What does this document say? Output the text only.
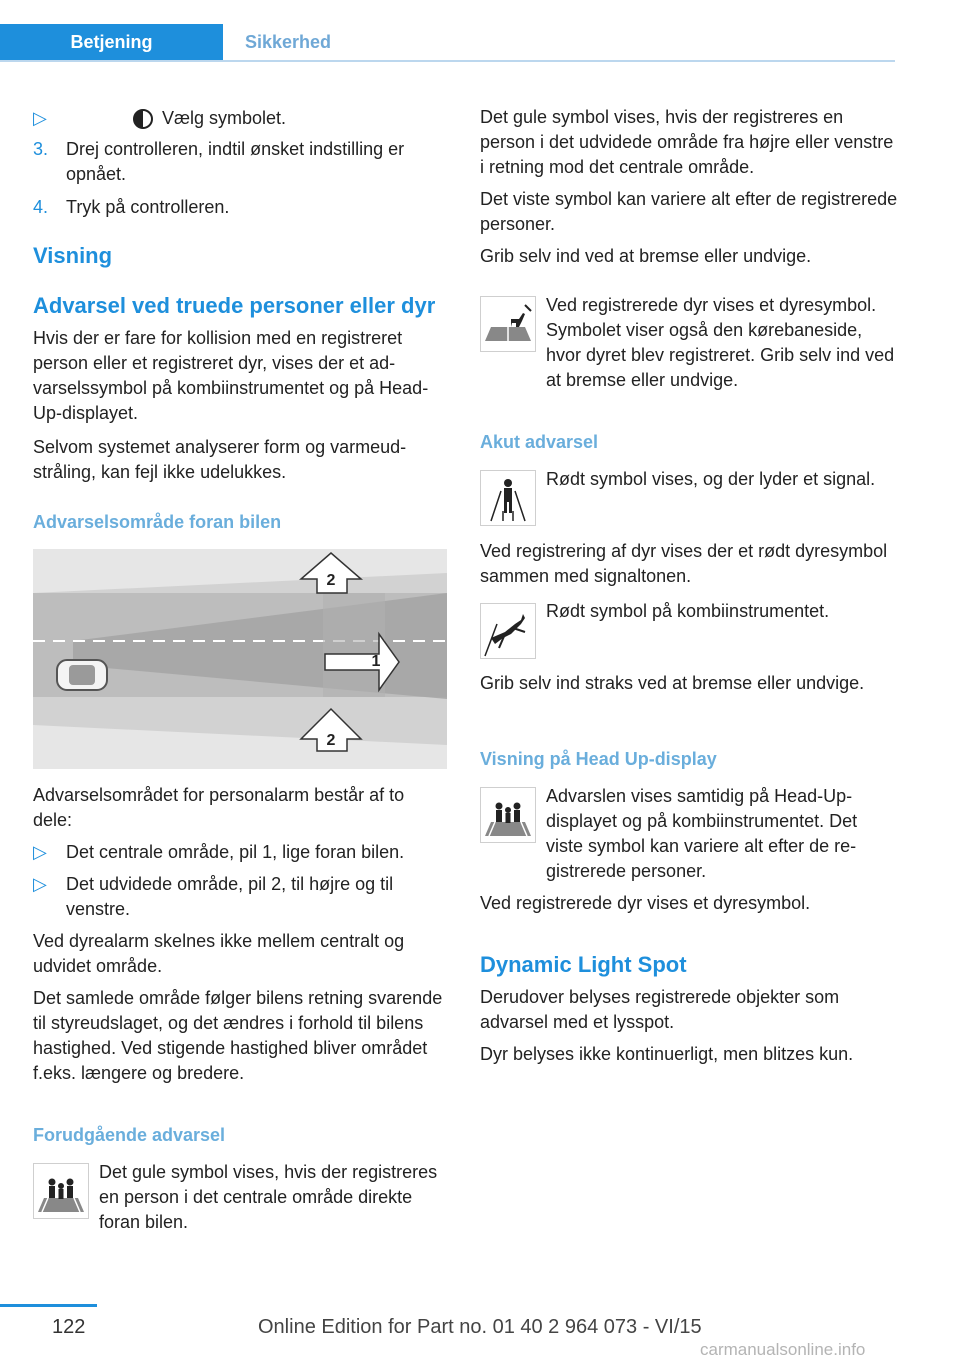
Betjening	Sikkerhed
▷	Vælg symbolet.
3. Drej controlleren, indtil ønsket indstilling er opnået.
4. Tryk på controlleren.
Visning
Advarsel ved truede personer eller dyr

Hvis der er fare for kollision med en registreret person eller et registreret dyr, vises der et advarselssymbol på kombiinstrumentet og på Head-Up-displayet.

Selvom systemet analyserer form og varmeudstråling, kan fejl ikke udelukkes.

Advarselsområde foran bilen
2
1
2

Advarselsområdet for personalarm består af to dele:

▷	Det centrale område, pil 1, lige foran bilen.
▷	Det udvidede område, pil 2, til højre og til venstre.

Ved dyrealarm skelnes ikke mellem centralt og udvidet område.

Det samlede område følger bilens retning svarende til styreudslaget, og det ændres i forhold til bilens hastighed. Ved stigende hastighed bliver området f.eks. længere og bredere.

Forudgående advarsel

Det gule symbol vises, hvis der registreres en person i det centrale område direkte foran bilen.

Det gule symbol vises, hvis der registreres en person i det udvidede område fra højre eller venstre i retning mod det centrale område.

Det viste symbol kan variere alt efter de registrerede personer.

Grib selv ind ved at bremse eller undvige.

Ved registrerede dyr vises et dyresymbol. Symbolet viser også den kørebaneside, hvor dyret blev registreret. Grib selv ind ved at bremse eller undvige.

Akut advarsel

Rødt symbol vises, og der lyder et signal.

Ved registrering af dyr vises der et rødt dyresymbol sammen med signaltonen.

Rødt symbol på kombiinstrumentet.

Grib selv ind straks ved at bremse eller undvige.

Visning på Head Up-display

Advarslen vises samtidig på Head-Up-displayet og på kombiinstrumentet. Det viste symbol kan variere alt efter de registrerede personer.

Ved registrerede dyr vises et dyresymbol.

Dynamic Light Spot

Derudover belyses registrerede objekter som advarsel med et lysspot.

Dyr belyses ikke kontinuerligt, men blitzes kun.

122	Online Edition for Part no. 01 40 2 964 073 - VI/15
carmanualsonline.info
